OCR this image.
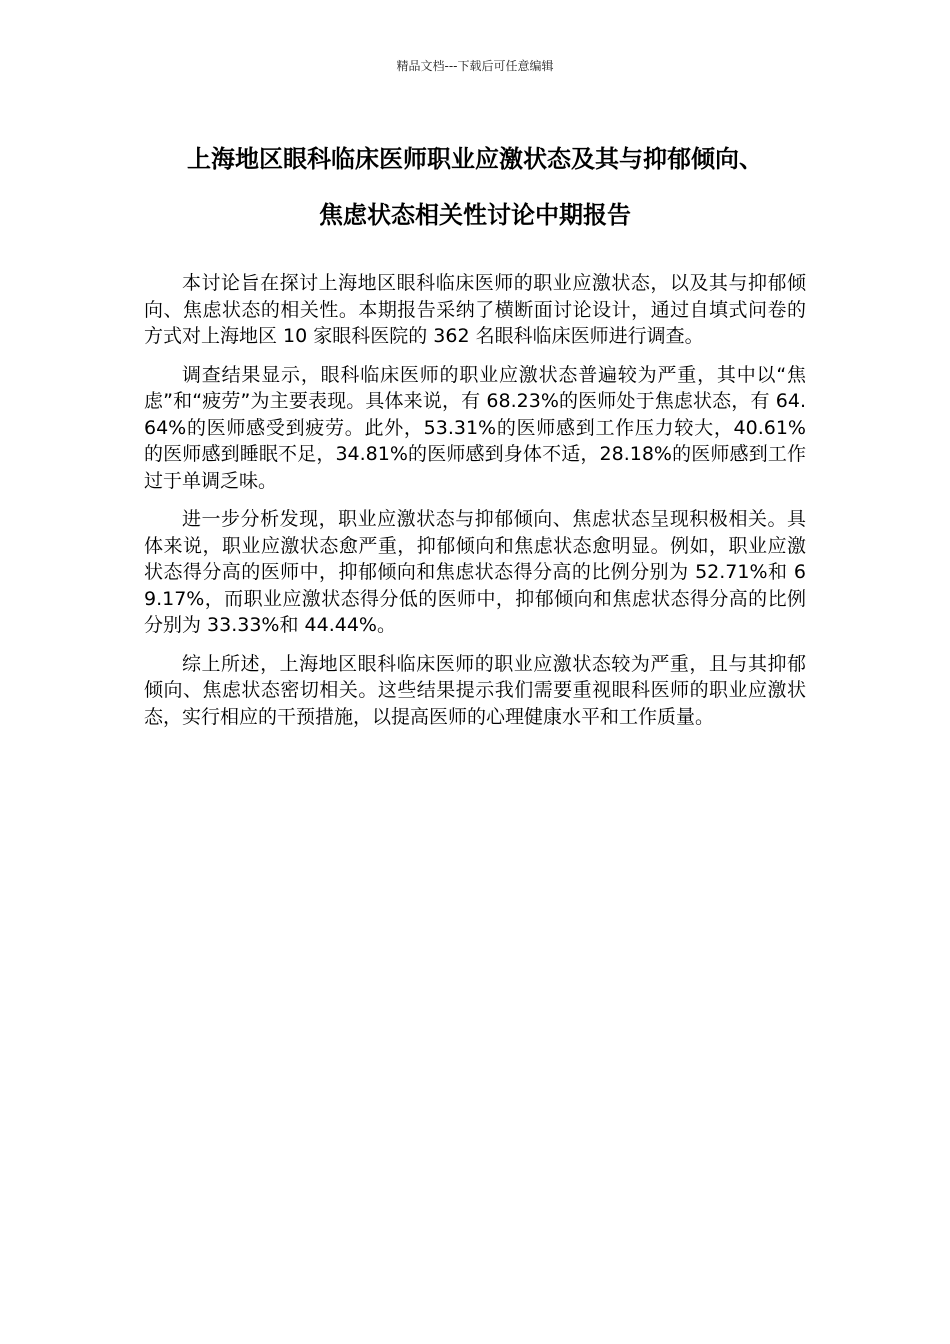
精品文档---下载后可任意编辑
上海地区眼科临床医师职业应激状态及其与抑郁倾向、
焦虑状态相关性讨论中期报告

本讨论旨在探讨上海地区眼科临床医师的职业应激状态，以及其与抑郁倾向、焦虑状态的相关性。本期报告采纳了横断面讨论设计，通过自填式问卷的方式对上海地区 10 家眼科医院的 362 名眼科临床医师进行调查。

调查结果显示，眼科临床医师的职业应激状态普遍较为严重，其中以“焦虑”和“疲劳”为主要表现。具体来说，有 68.23%的医师处于焦虑状态，有 64.64%的医师感受到疲劳。此外，53.31%的医师感到工作压力较大，40.61%的医师感到睡眠不足，34.81%的医师感到身体不适，28.18%的医师感到工作过于单调乏味。

进一步分析发现，职业应激状态与抑郁倾向、焦虑状态呈现积极相关。具体来说，职业应激状态愈严重，抑郁倾向和焦虑状态愈明显。例如，职业应激状态得分高的医师中，抑郁倾向和焦虑状态得分高的比例分别为 52.71%和 69.17%，而职业应激状态得分低的医师中，抑郁倾向和焦虑状态得分高的比例分别为 33.33%和 44.44%。

综上所述，上海地区眼科临床医师的职业应激状态较为严重，且与其抑郁倾向、焦虑状态密切相关。这些结果提示我们需要重视眼科医师的职业应激状态，实行相应的干预措施，以提高医师的心理健康水平和工作质量。
